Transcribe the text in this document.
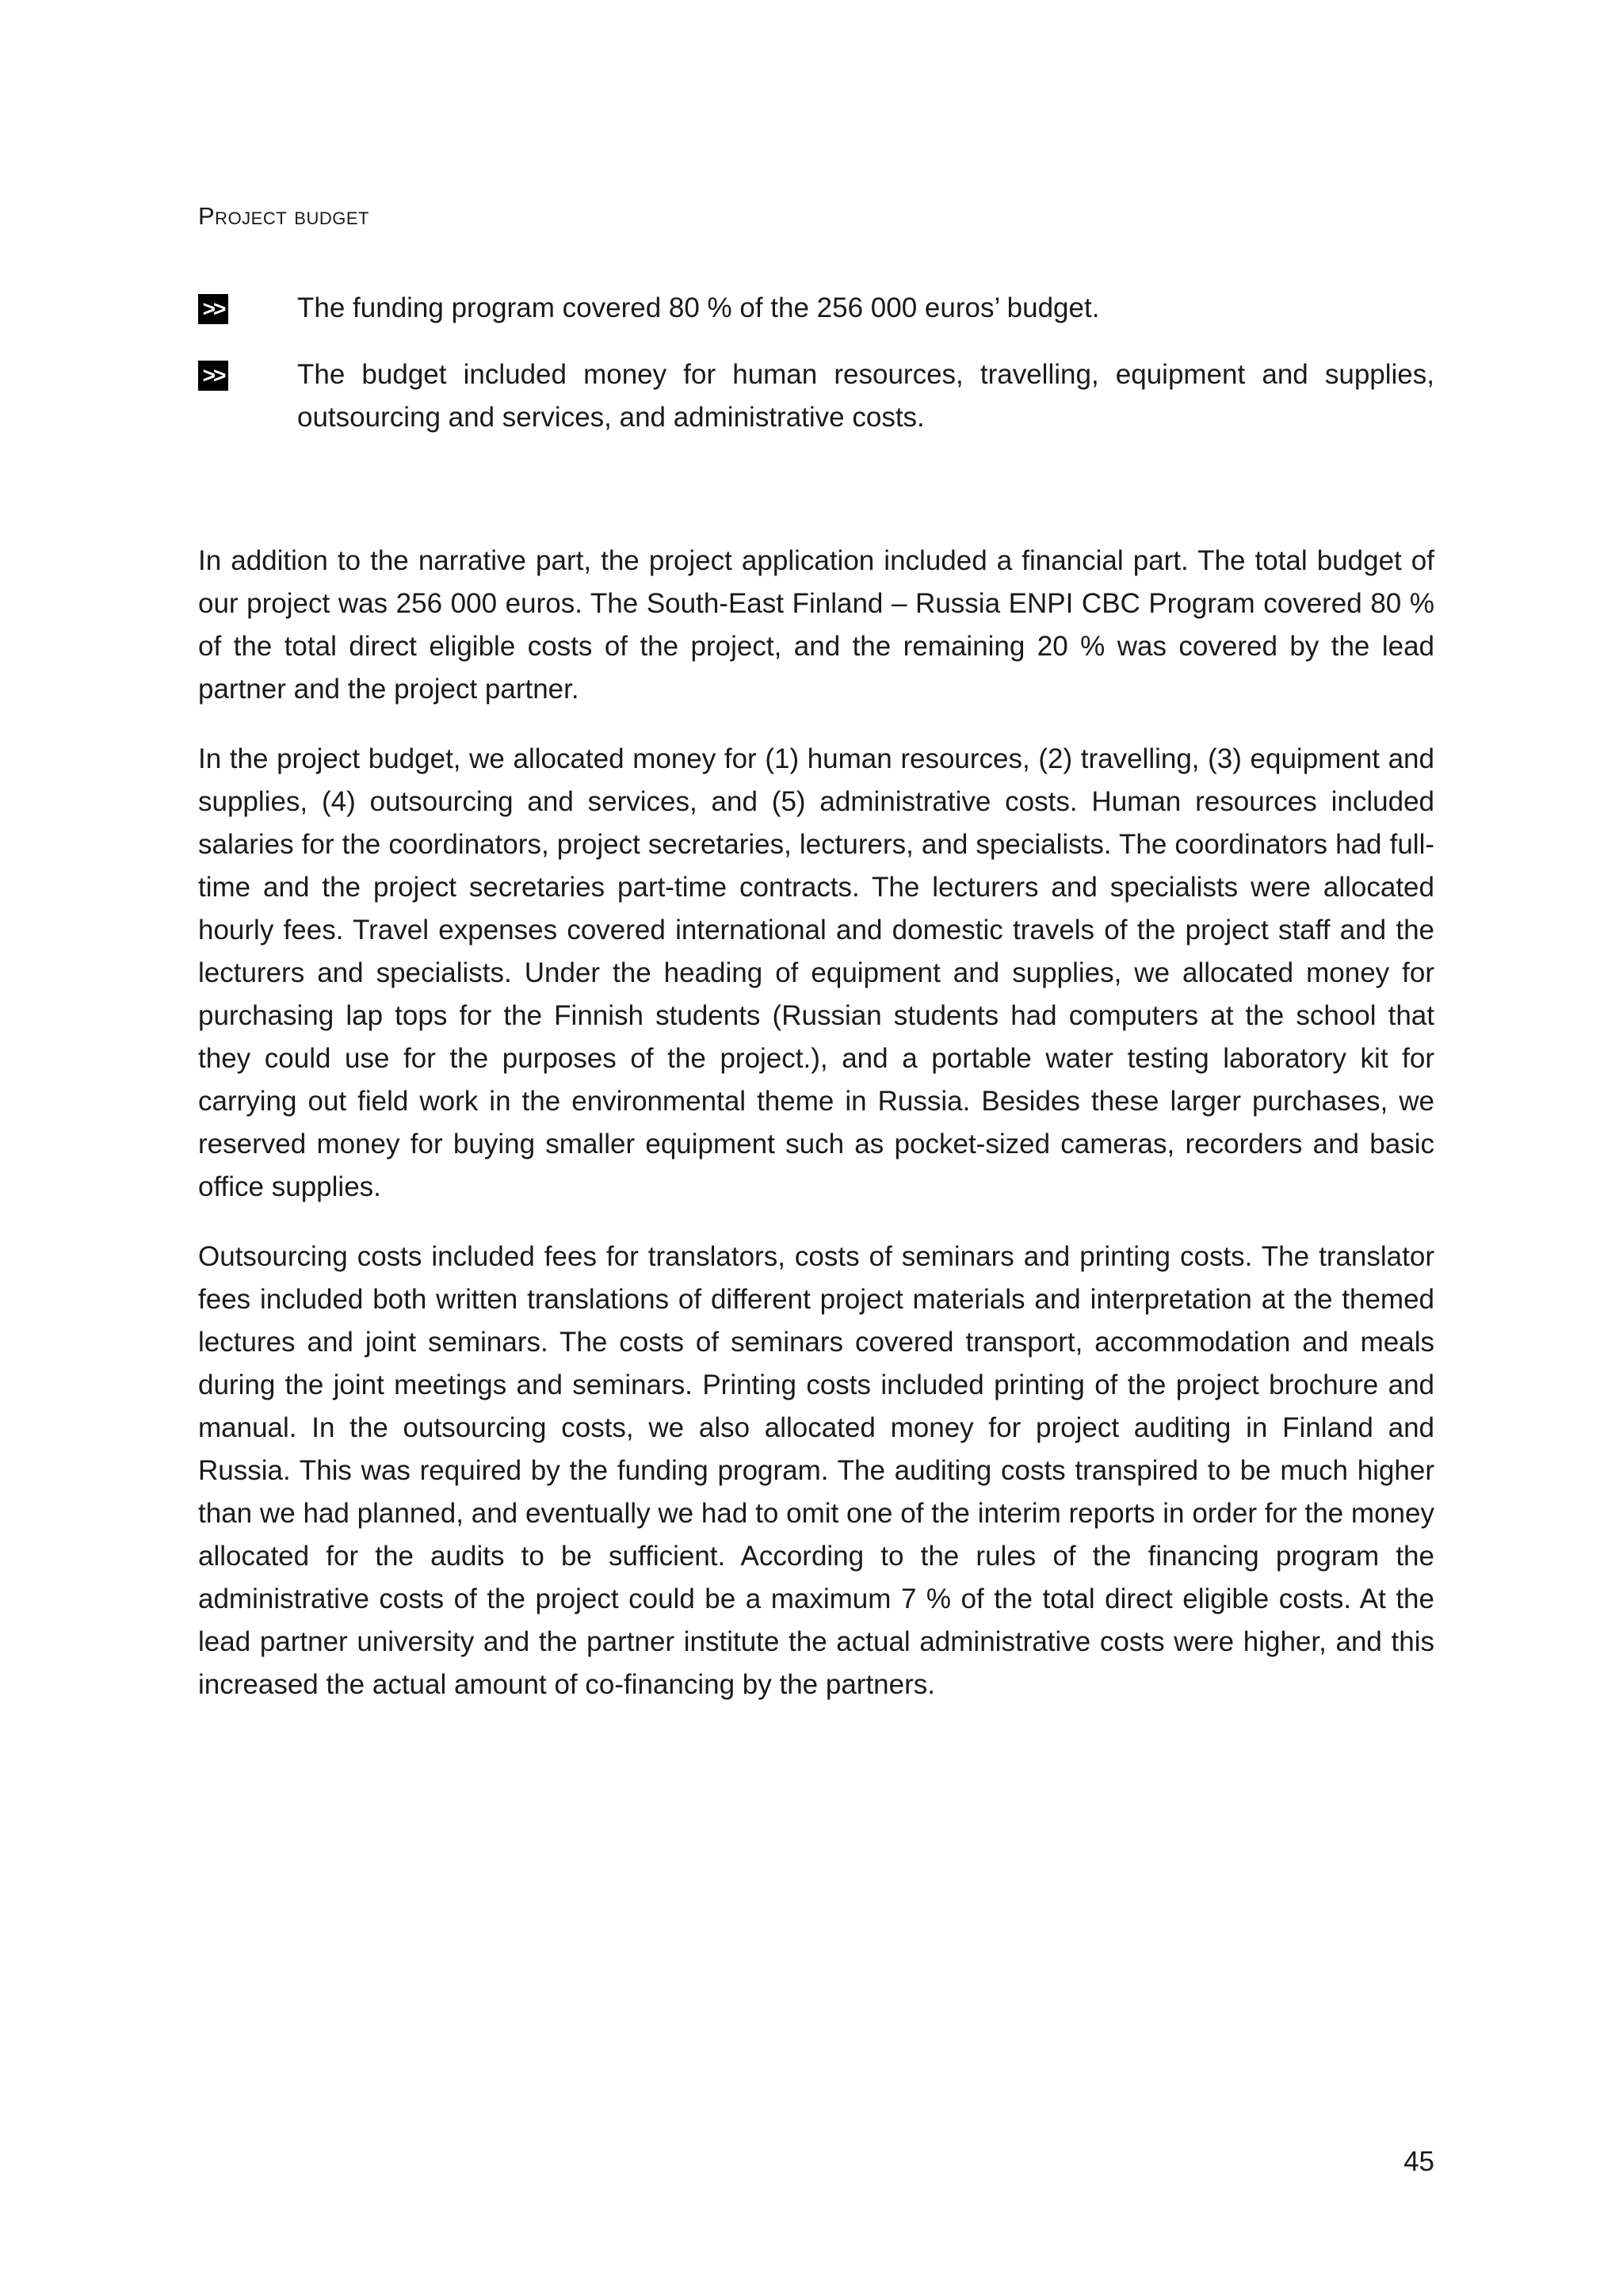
Project budget
>>	The funding program covered 80 % of the 256 000 euros’ budget.
>>	The budget included money for human resources, travelling, equipment and supplies, outsourcing and services, and administrative costs.

In addition to the narrative part, the project application included a financial part. The total budget of our project was 256 000 euros. The South-East Finland – Russia ENPI CBC Program covered 80 % of the total direct eligible costs of the project, and the remaining 20 % was covered by the lead partner and the project partner.

In the project budget, we allocated money for (1) human resources, (2) travelling, (3) equipment and supplies, (4) outsourcing and services, and (5) administrative costs. Human resources included salaries for the coordinators, project secretaries, lecturers, and specialists. The coordinators had full-time and the project secretaries part-time contracts. The lecturers and specialists were allocated hourly fees. Travel expenses covered international and domestic travels of the project staff and the lecturers and specialists. Under the heading of equipment and supplies, we allocated money for purchasing lap tops for the Finnish students (Russian students had computers at the school that they could use for the purposes of the project.), and a portable water testing laboratory kit for carrying out field work in the environmental theme in Russia. Besides these larger purchases, we reserved money for buying smaller equipment such as pocket-sized cameras, recorders and basic office supplies.

Outsourcing costs included fees for translators, costs of seminars and printing costs. The translator fees included both written translations of different project materials and interpretation at the themed lectures and joint seminars. The costs of seminars covered transport, accommodation and meals during the joint meetings and seminars. Printing costs included printing of the project brochure and manual. In the outsourcing costs, we also allocated money for project auditing in Finland and Russia. This was required by the funding program. The auditing costs transpired to be much higher than we had planned, and eventually we had to omit one of the interim reports in order for the money allocated for the audits to be sufficient. According to the rules of the financing program the administrative costs of the project could be a maximum 7 % of the total direct eligible costs. At the lead partner university and the partner institute the actual administrative costs were higher, and this increased the actual amount of co-financing by the partners.

45
